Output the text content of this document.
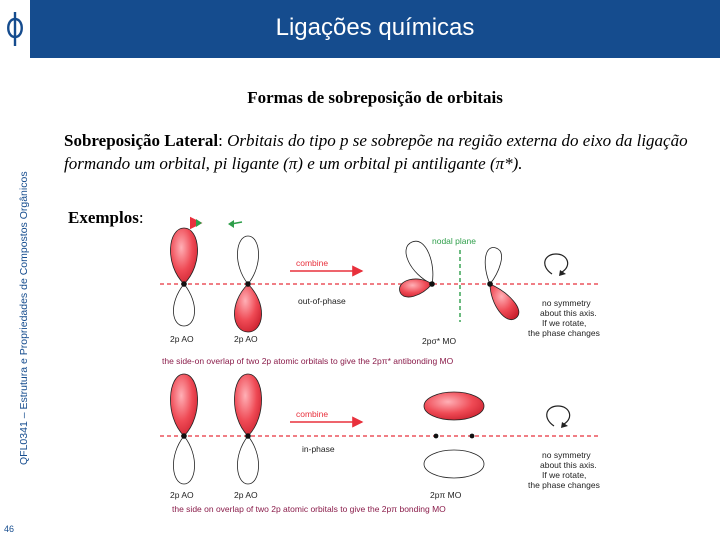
QFL0341 – Estrutura e Propriedades de Compostos Orgânicos
46
Ligações químicas
Formas de sobreposição de orbitais
Sobreposição Lateral: Orbitais do tipo p se sobrepõe na região externa do eixo da ligação formando um orbital, pi ligante (π) e um orbital pi antiligante (π*).
Exemplos:
2p AO	2p AO
combine
out-of-phase
nodal plane
2pσ* MO
no symmetry
about this axis.
If we rotate,
the phase changes
the side-on overlap of two 2p atomic orbitals to give the 2pπ* antibonding MO
2p AO	2p AO
combine
in-phase
2pπ MO
no symmetry
about this axis.
If we rotate,
the phase changes
the side on overlap of two 2p atomic orbitals to give the 2pπ bonding MO
